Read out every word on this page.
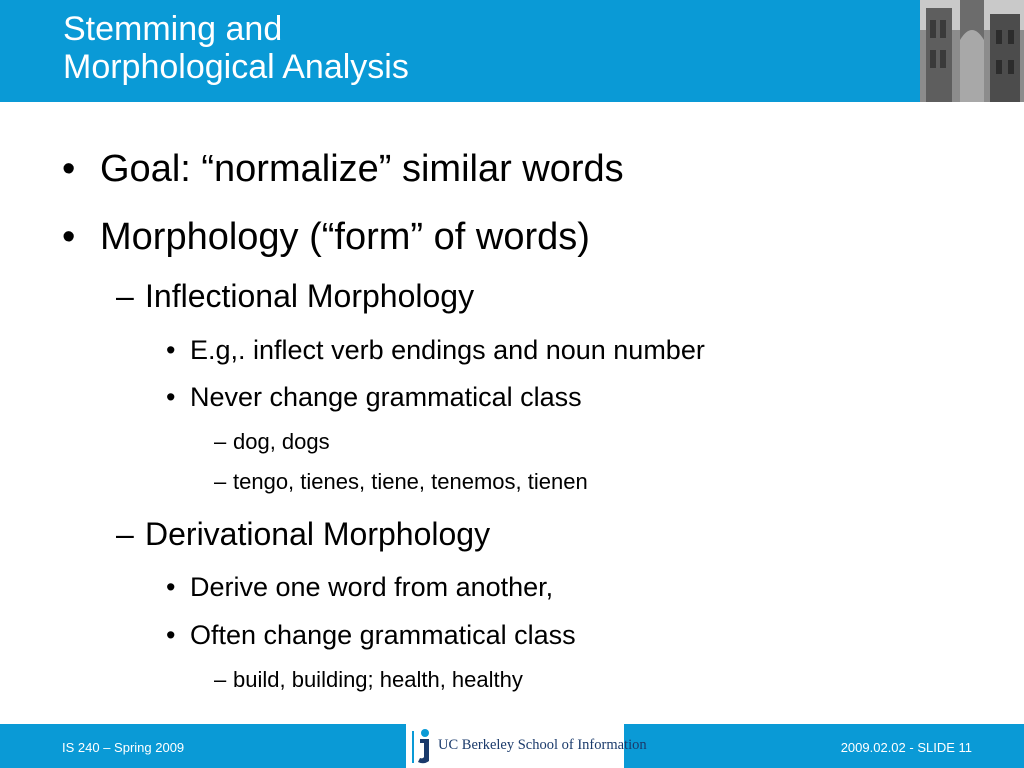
Stemming and
Morphological Analysis
• Goal: “normalize” similar words
• Morphology (“form” of words)
– Inflectional Morphology
• E.g,. inflect verb endings and noun number
• Never change grammatical class
– dog, dogs
– tengo, tienes, tiene, tenemos, tienen
– Derivational Morphology
• Derive one word from another,
• Often change grammatical class
– build, building; health, healthy
IS 240 – Spring 2009	UC Berkeley School of Information	2009.02.02 - SLIDE 11
